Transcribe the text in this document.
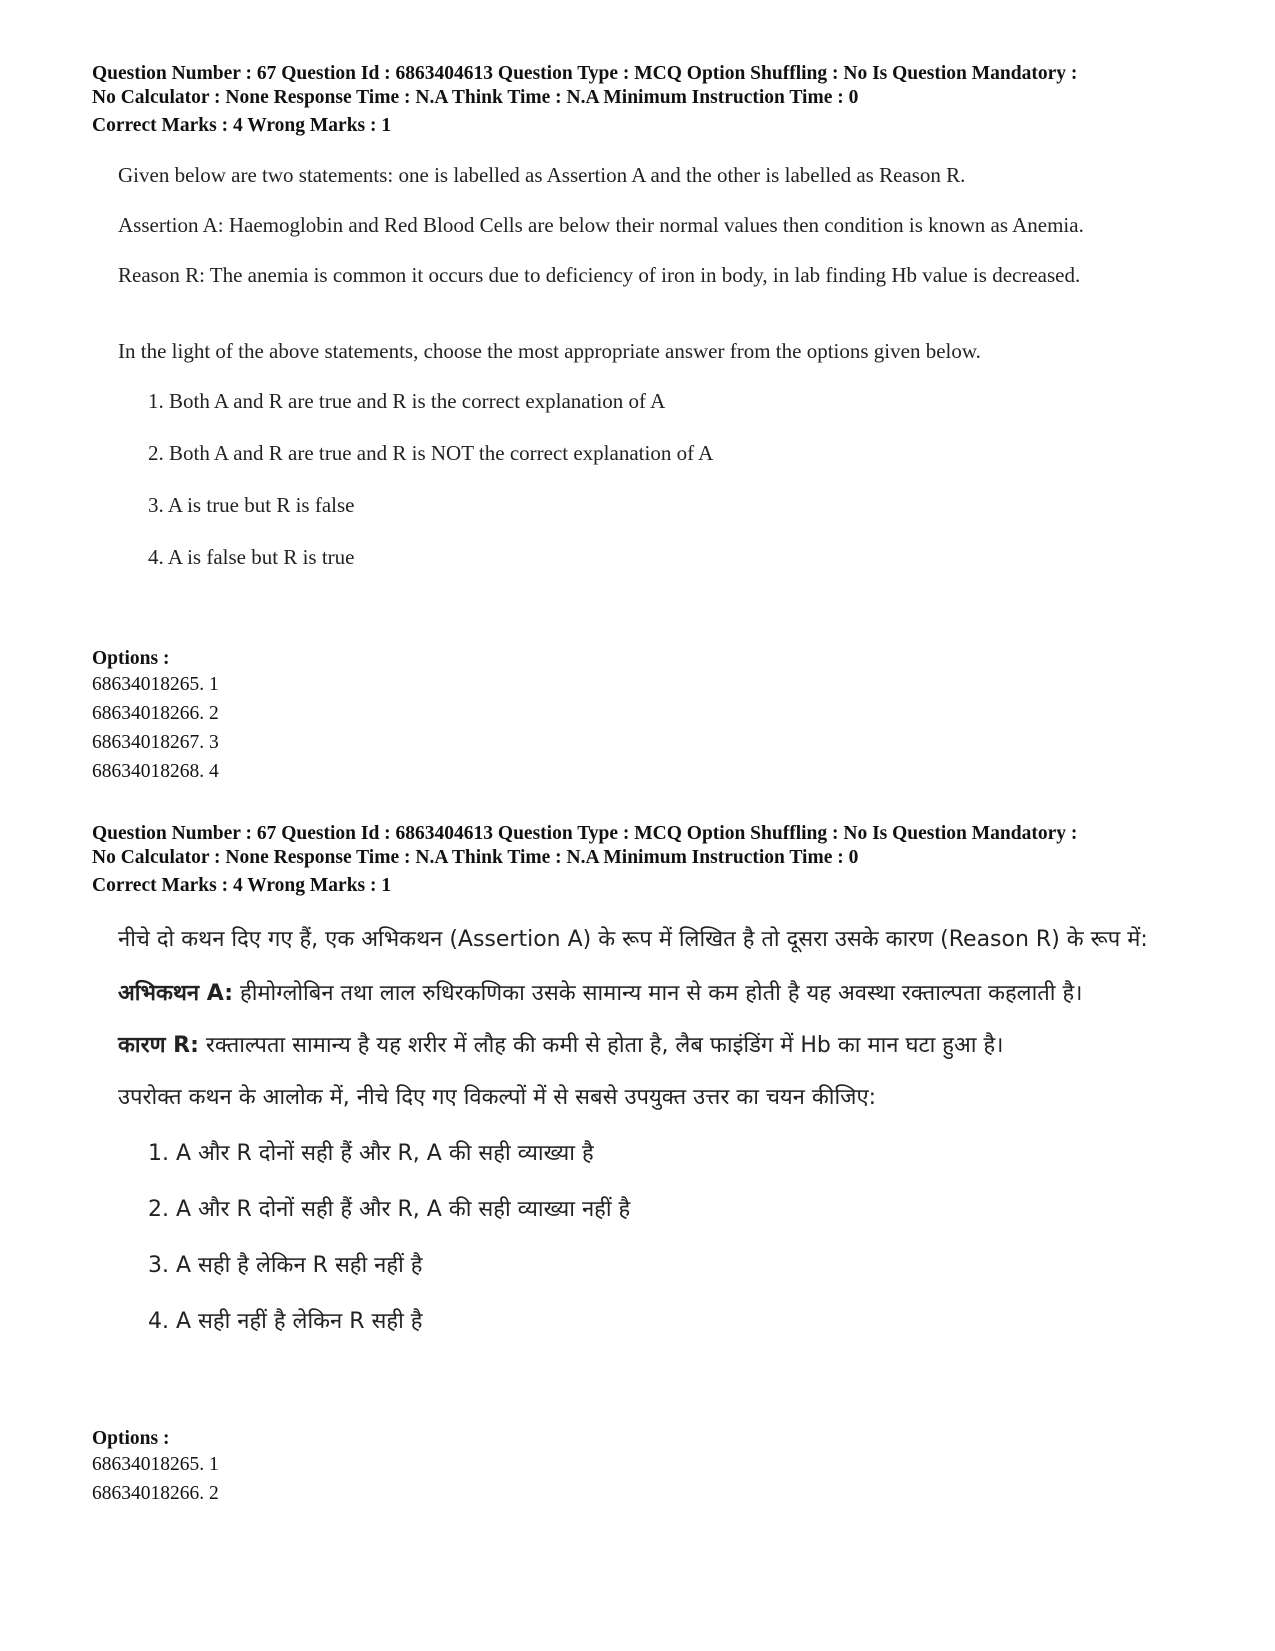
Question Number : 67 Question Id : 6863404613 Question Type : MCQ Option Shuffling : No Is Question Mandatory :

No Calculator : None Response Time : N.A Think Time : N.A Minimum Instruction Time : 0

Correct Marks : 4 Wrong Marks : 1

Given below are two statements: one is labelled as Assertion A and the other is labelled as Reason R.

Assertion A: Haemoglobin and Red Blood Cells are below their normal values then condition is known as Anemia.

Reason R: The anemia is common it occurs due to deficiency of iron in body, in lab finding Hb value is decreased.

In the light of the above statements, choose the most appropriate answer from the options given below.

1. Both A and R are true and R is the correct explanation of A

2. Both A and R are true and R is NOT the correct explanation of A

3. A is true but R is false

4. A is false but R is true

Options :

68634018265. 1

68634018266. 2

68634018267. 3

68634018268. 4

Question Number : 67 Question Id : 6863404613 Question Type : MCQ Option Shuffling : No Is Question Mandatory :

No Calculator : None Response Time : N.A Think Time : N.A Minimum Instruction Time : 0

Correct Marks : 4 Wrong Marks : 1

नीचे दो कथन दिए गए हैं, एक अभिकथन (Assertion A) के रूप में लिखित है तो दूसरा उसके कारण (Reason R) के रूप में:

अभिकथन A: हीमोग्लोबिन तथा लाल रुधिरकणिका उसके सामान्य मान से कम होती है यह अवस्था रक्ताल्पता कहलाती है।

कारण R: रक्ताल्पता सामान्य है यह शरीर में लौह की कमी से होता है, लैब फाइंडिंग में Hb का मान घटा हुआ है।

उपरोक्त कथन के आलोक में, नीचे दिए गए विकल्पों में से सबसे उपयुक्त उत्तर का चयन कीजिए:

1. A और R दोनों सही हैं और R, A की सही व्याख्या है

2. A और R दोनों सही हैं और R, A की सही व्याख्या नहीं है

3. A सही है लेकिन R सही नहीं है

4. A सही नहीं है लेकिन R सही है

Options :

68634018265. 1

68634018266. 2
